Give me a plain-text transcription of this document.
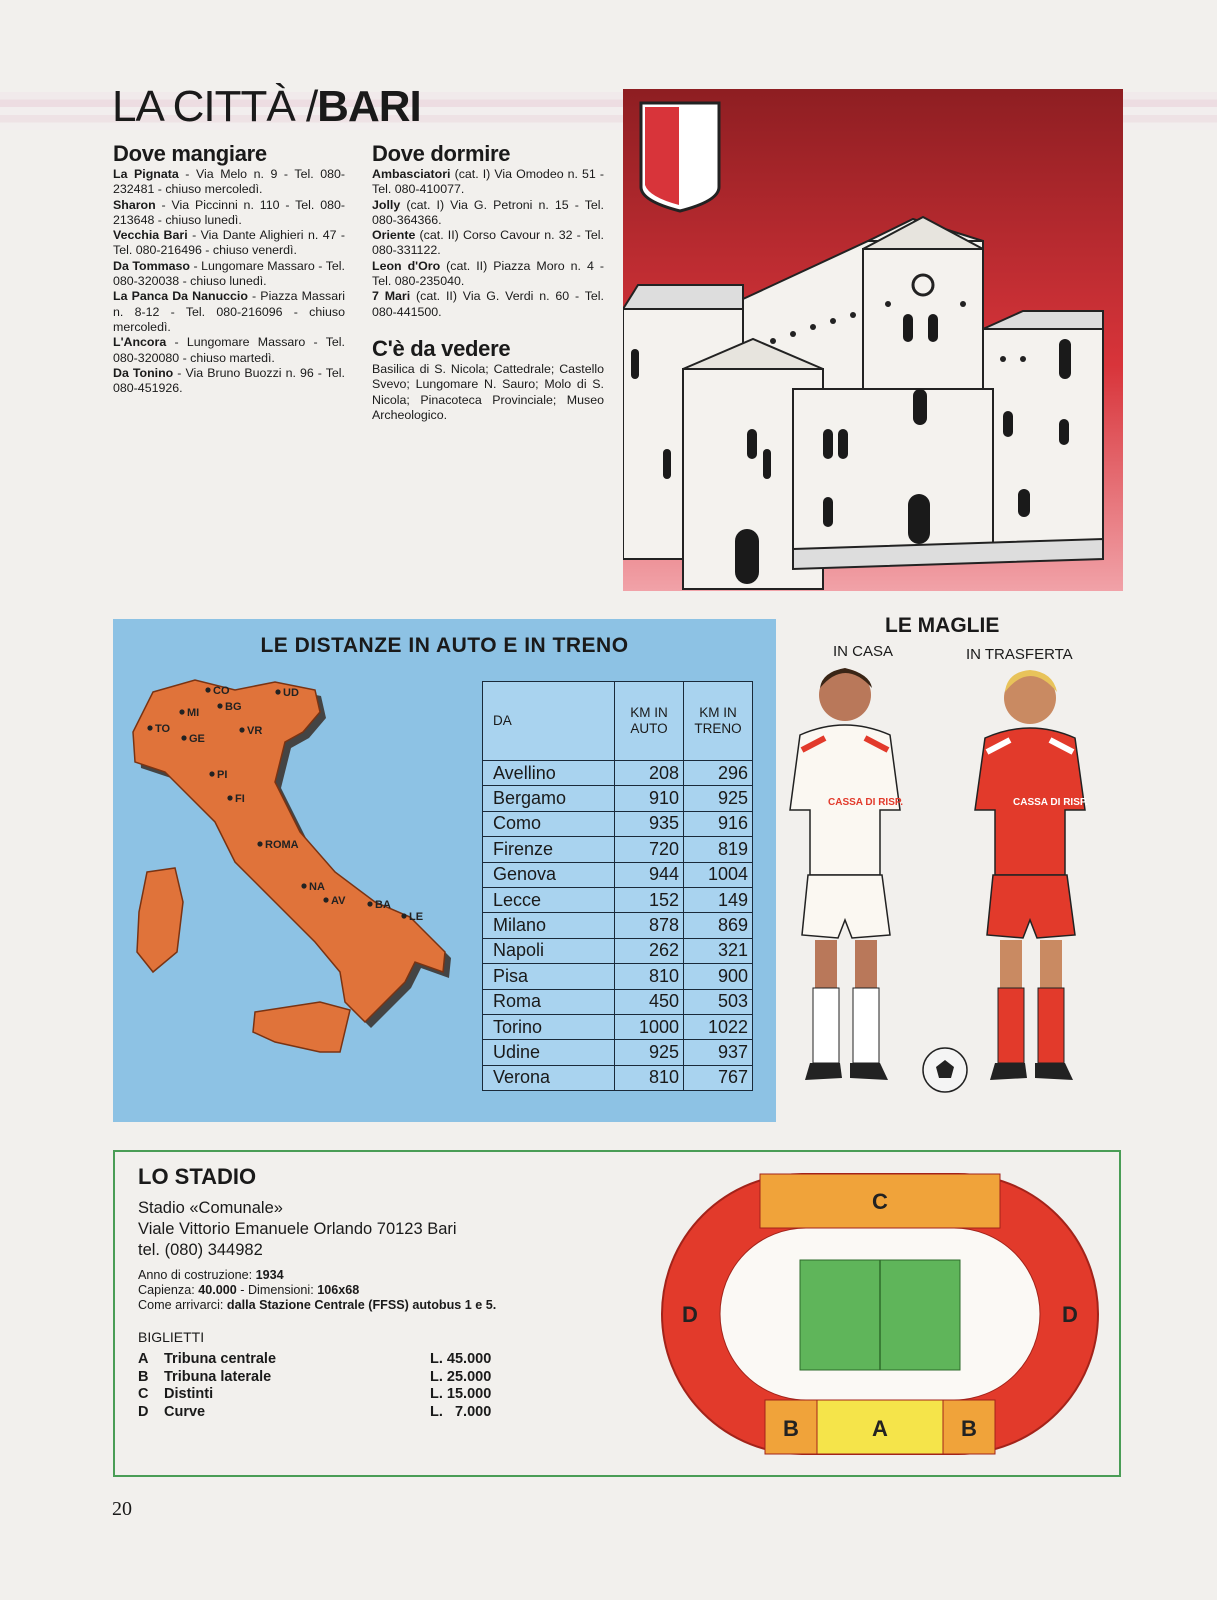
LA CITTÀ /BARI
Dove mangiare

La Pignata - Via Melo n. 9 - Tel. 080-232481 - chiuso mercoledì.

Sharon - Via Piccinni n. 110 - Tel. 080-213648 - chiuso lunedì.

Vecchia Bari - Via Dante Alighieri n. 47 - Tel. 080-216496 - chiuso venerdì.

Da Tommaso - Lungomare Massaro - Tel. 080-320038 - chiuso lunedì.

La Panca Da Nanuccio - Piazza Massari n. 8-12 - Tel. 080-216096 - chiuso mercoledì.

L'Ancora - Lungomare Massaro - Tel. 080-320080 - chiuso martedì.

Da Tonino - Via Bruno Buozzi n. 96 - Tel. 080-451926.

Dove dormire

Ambasciatori (cat. I) Via Omodeo n. 51 - Tel. 080-410077.

Jolly (cat. I) Via G. Petroni n. 15 - Tel. 080-364366.

Oriente (cat. II) Corso Cavour n. 32 - Tel. 080-331122.

Leon d'Oro (cat. II) Piazza Moro n. 4 - Tel. 080-235040.

7 Mari (cat. II) Via G. Verdi n. 60 - Tel. 080-441500.

C'è da vedere
Basilica di S. Nicola; Cattedrale; Castello Svevo; Lungomare N. Sauro; Molo di S. Nicola; Pinacoteca Provinciale; Museo Archeologico.
LE DISTANZE IN AUTO E IN TRENO
CO	UD
MI BG
TO
GE
VR
PI
FI
ROMA
NA
AV	BA
LE
DA	KM IN AUTO	KM IN TRENO
Avellino	208	296
Bergamo	910	925
Como	935	916
Firenze	720	819
Genova	944	1004
Lecce	152	149
Milano	878	869
Napoli	262	321
Pisa	810	900
Roma	450	503
Torino	1000	1022
Udine	925	937
Verona	810	767
LE MAGLIE
IN CASA	IN TRASFERTA
CASSA DI RISP.	CASSA DI RISP.
LO STADIO
Stadio «Comunale»
Viale Vittorio Emanuele Orlando 70123 Bari
tel. (080) 344982
Anno di costruzione: 1934
Capienza: 40.000 - Dimensioni: 106x68
Come arrivarci: dalla Stazione Centrale (FFSS) autobus 1 e 5.
BIGLIETTI
A	Tribuna centrale	L. 45.000
B	Tribuna laterale	L. 25.000
C	Distinti	L. 15.000
D	Curve	L.   7.000
C
A
B	B
D	D
20
